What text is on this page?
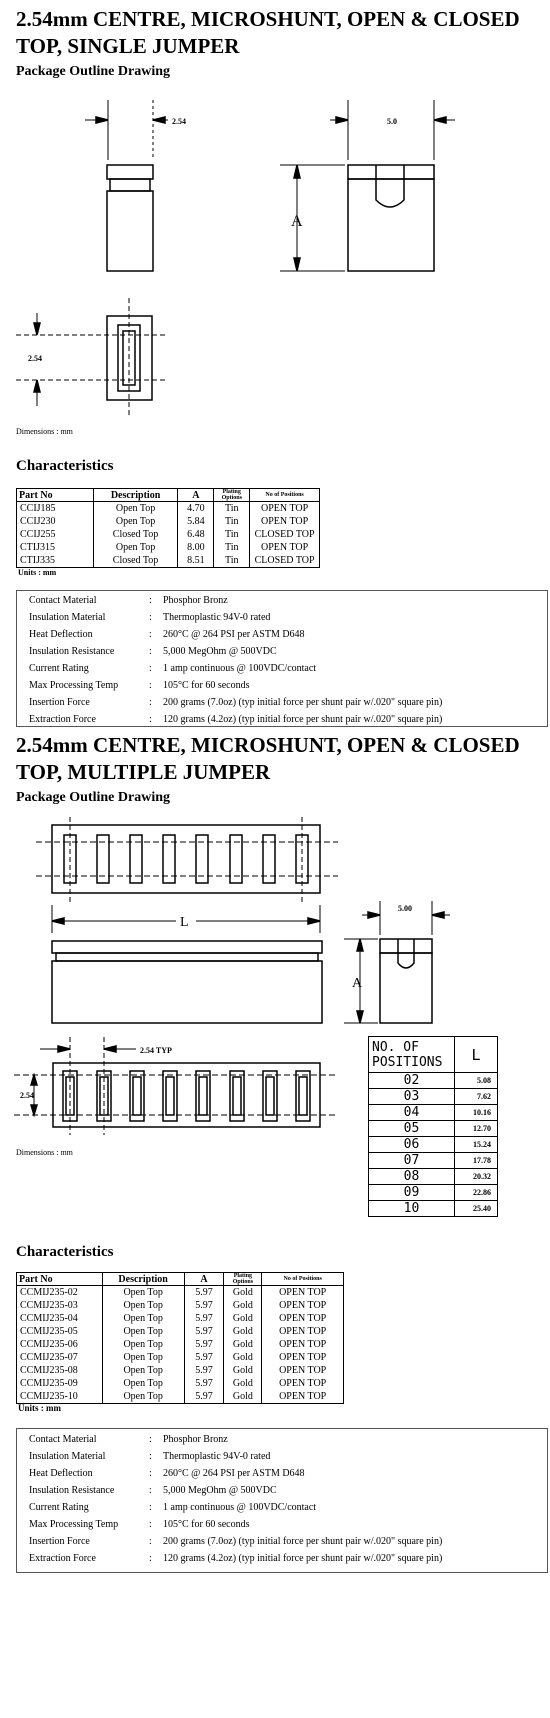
2.54mm CENTRE, MICROSHUNT, OPEN & CLOSED TOP, SINGLE JUMPER
Package Outline Drawing
2.54	5.0
A
2.54
Dimensions : mm
Characteristics
Part No	Description	A	Plating Options	No of Positions
CCIJ185	Open Top	4.70	Tin	OPEN TOP
CCIJ230	Open Top	5.84	Tin	OPEN TOP
CCIJ255	Closed Top	6.48	Tin	CLOSED TOP
CTIJ315	Open Top	8.00	Tin	OPEN TOP
CTIJ335	Closed Top	8.51	Tin	CLOSED TOP
Units : mm
Contact Material	: Phosphor Bronz
Insulation Material	: Thermoplastic 94V-0 rated
Heat Deflection	: 260°C @ 264 PSI per ASTM D648
Insulation Resistance	: 5,000 MegOhm @ 500VDC
Current Rating	: 1 amp continuous @ 100VDC/contact
Max Processing Temp	: 105°C for 60 seconds
Insertion Force	: 200 grams (7.0oz) (typ initial force per shunt pair w/.020" square pin)
Extraction Force	: 120 grams (4.2oz) (typ initial force per shunt pair w/.020" square pin)
2.54mm CENTRE, MICROSHUNT, OPEN & CLOSED TOP, MULTIPLE JUMPER
Package Outline Drawing
L
5.00
A
2.54 TYP
2.54
Dimensions : mm
NO. OF POSITIONS	L
02	5.08
03	7.62
04	10.16
05	12.70
06	15.24
07	17.78
08	20.32
09	22.86
10	25.40
Characteristics
Part No	Description	A	Plating Options	No of Positions
CCMIJ235-02	Open Top	5.97	Gold	OPEN TOP
CCMIJ235-03	Open Top	5.97	Gold	OPEN TOP
CCMIJ235-04	Open Top	5.97	Gold	OPEN TOP
CCMIJ235-05	Open Top	5.97	Gold	OPEN TOP
CCMIJ235-06	Open Top	5.97	Gold	OPEN TOP
CCMIJ235-07	Open Top	5.97	Gold	OPEN TOP
CCMIJ235-08	Open Top	5.97	Gold	OPEN TOP
CCMIJ235-09	Open Top	5.97	Gold	OPEN TOP
CCMIJ235-10	Open Top	5.97	Gold	OPEN TOP
Units : mm
Contact Material	: Phosphor Bronz
Insulation Material	: Thermoplastic 94V-0 rated
Heat Deflection	: 260°C @ 264 PSI per ASTM D648
Insulation Resistance	: 5,000 MegOhm @ 500VDC
Current Rating	: 1 amp continuous @ 100VDC/contact
Max Processing Temp	: 105°C for 60 seconds
Insertion Force	: 200 grams (7.0oz) (typ initial force per shunt pair w/.020" square pin)
Extraction Force	: 120 grams (4.2oz) (typ initial force per shunt pair w/.020" square pin)
